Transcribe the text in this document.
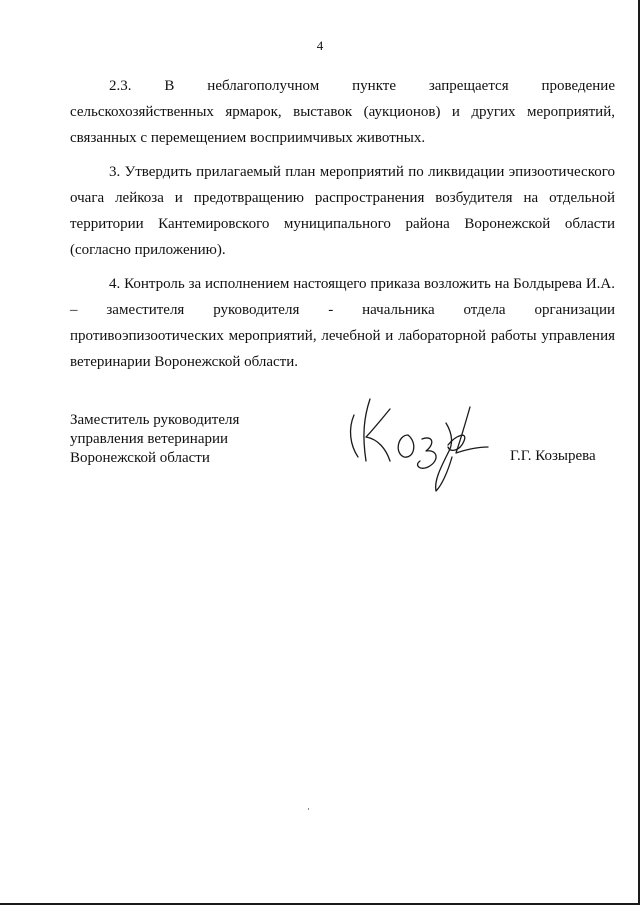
4

2.3. В неблагополучном пункте запрещается проведение сельскохозяйственных ярмарок, выставок (аукционов) и других мероприятий, связанных с перемещением восприимчивых животных.

3. Утвердить прилагаемый план мероприятий по ликвидации эпизоотического очага лейкоза и предотвращению распространения возбудителя на отдельной территории Кантемировского муниципального района Воронежской области (согласно приложению).

4. Контроль за исполнением настоящего приказа возложить на Болдырева И.А. – заместителя руководителя - начальника отдела организации противоэпизоотических мероприятий, лечебной и лабораторной работы управления ветеринарии Воронежской области.

Заместитель руководителя
управления ветеринарии
Воронежской области	Г.Г. Козырева
